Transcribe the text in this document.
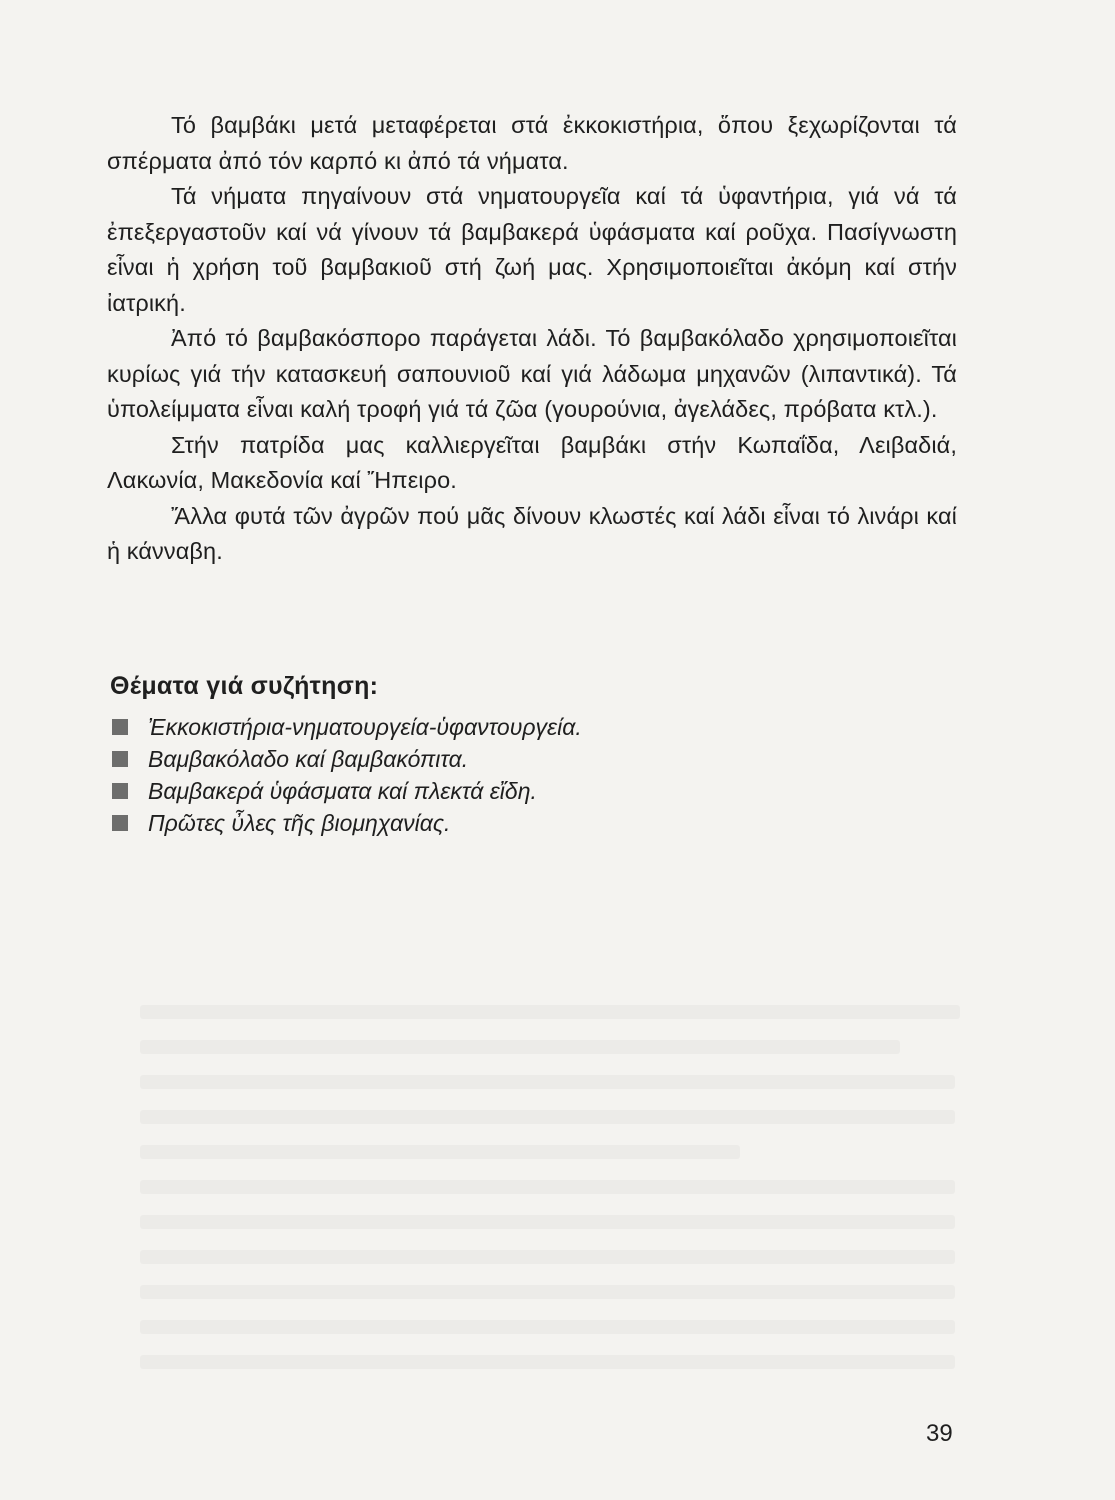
Τό βαμβάκι μετά μεταφέρεται στά ἐκκοκιστήρια, ὅπου ξεχωρίζονται τά σπέρματα ἀπό τόν καρπό κι ἀπό τά νήματα.

Τά νήματα πηγαίνουν στά νηματουργεῖα καί τά ὑφαντήρια, γιά νά τά ἐπεξεργαστοῦν καί νά γίνουν τά βαμβακερά ὑφάσματα καί ροῦχα. Πασίγνωστη εἶναι ἡ χρήση τοῦ βαμβακιοῦ στή ζωή μας. Χρησιμοποιεῖται ἀκόμη καί στήν ἰατρική.

Ἀπό τό βαμβακόσπορο παράγεται λάδι. Τό βαμβακόλαδο χρησιμοποιεῖται κυρίως γιά τήν κατασκευή σαπουνιοῦ καί γιά λάδωμα μηχανῶν (λιπαντικά). Τά ὑπολείμματα εἶναι καλή τροφή γιά τά ζῶα (γουρούνια, ἀγελάδες, πρόβατα κτλ.).

Στήν πατρίδα μας καλλιεργεῖται βαμβάκι στήν Κωπαΐδα, Λειβαδιά, Λακωνία, Μακεδονία καί Ἤπειρο.

Ἄλλα φυτά τῶν ἀγρῶν πού μᾶς δίνουν κλωστές καί λάδι εἶναι τό λινάρι καί ἡ κάνναβη.

Θέματα γιά συζήτηση:
Ἐκκοκιστήρια-νηματουργεία-ὑφαντουργεία.
Βαμβακόλαδο καί βαμβακόπιτα.
Βαμβακερά ὑφάσματα καί πλεκτά εἴδη.
Πρῶτες ὖλες τῆς βιομηχανίας.
39
